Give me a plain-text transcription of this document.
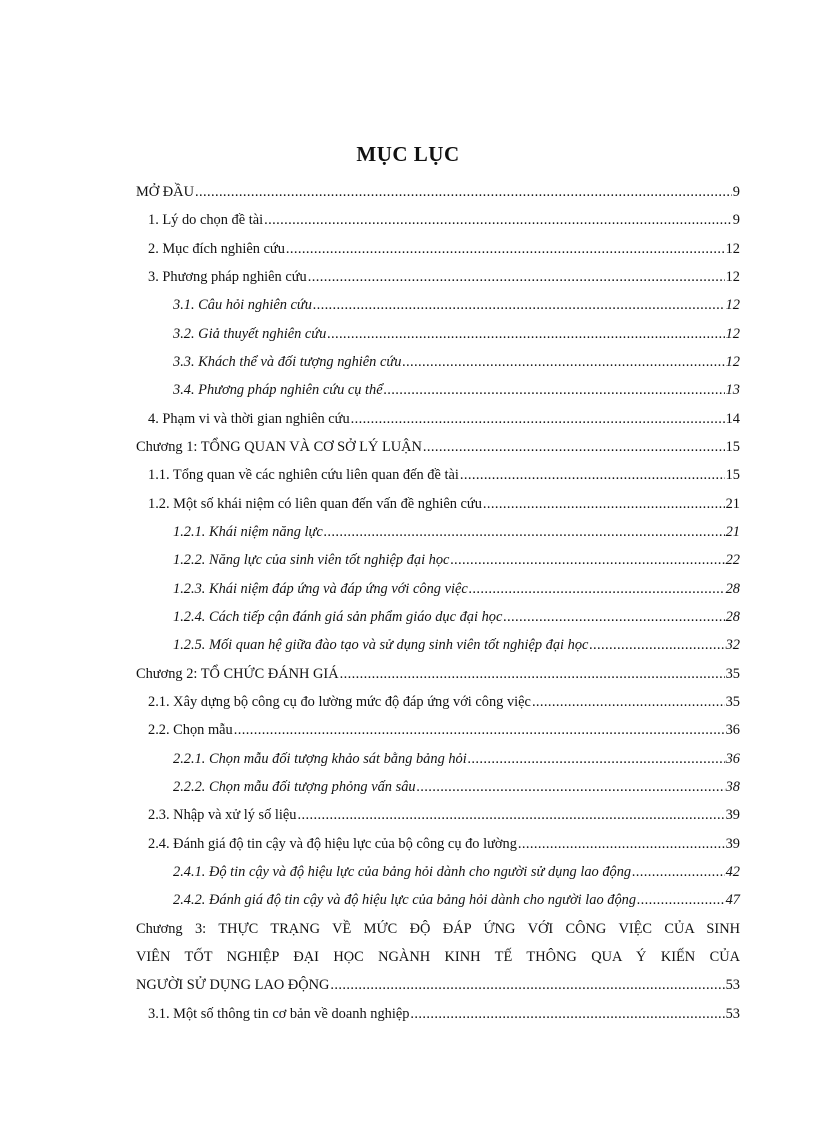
MỤC LỤC
MỞ ĐẦU . . .	9
1. Lý do chọn đề tài . . .	9
2. Mục đích nghiên cứu . . .	12
3. Phương pháp nghiên cứu . . .	12
3.1. Câu hỏi nghiên cứu . . .	12
3.2. Giả thuyết nghiên cứu . . .	12
3.3. Khách thể và đối tượng nghiên cứu . . .	12
3.4. Phương pháp nghiên cứu cụ thể . . .	13
4. Phạm vi và thời gian nghiên cứu . . .	14
Chương 1: TỔNG QUAN VÀ CƠ SỞ LÝ LUẬN . . .	15
1.1. Tổng quan về các nghiên cứu liên quan đến đề tài . . .	15
1.2. Một số khái niệm có liên quan đến vấn đề nghiên cứu . . .	21
1.2.1. Khái niệm năng lực . . .	21
1.2.2. Năng lực của sinh viên tốt nghiệp đại học . . .	22
1.2.3. Khái niệm đáp ứng và đáp ứng với công việc . . .	28
1.2.4. Cách tiếp cận đánh giá sản phẩm giáo dục đại học . . .	28
1.2.5. Mối quan hệ giữa đào tạo và sử dụng sinh viên tốt nghiệp đại học . . .	32
Chương 2: TỔ CHỨC ĐÁNH GIÁ . . .	35
2.1. Xây dựng bộ công cụ đo lường mức độ đáp ứng với công việc . . .	35
2.2. Chọn mẫu . . .	36
2.2.1. Chọn mẫu đối tượng khảo sát bằng bảng hỏi . . .	36
2.2.2. Chọn mẫu đối tượng phỏng vấn sâu . . .	38
2.3. Nhập và xử lý số liệu . . .	39
2.4. Đánh giá độ tin cậy và độ hiệu lực của bộ công cụ đo lường . . .	39
2.4.1. Độ tin cậy và độ hiệu lực của bảng hỏi dành cho người sử dụng lao động . . .	42
2.4.2. Đánh giá độ tin cậy và độ hiệu lực của bảng hỏi dành cho người lao động . . .	47
Chương 3: THỰC TRẠNG VỀ MỨC ĐỘ ĐÁP ỨNG VỚI CÔNG VIỆC CỦA SINH
VIÊN TỐT NGHIỆP ĐẠI HỌC NGÀNH KINH TẾ THÔNG QUA Ý KIẾN CỦA
NGƯỜI SỬ DỤNG LAO ĐỘNG . . .	53
3.1. Một số thông tin cơ bản về doanh nghiệp . . .	53
